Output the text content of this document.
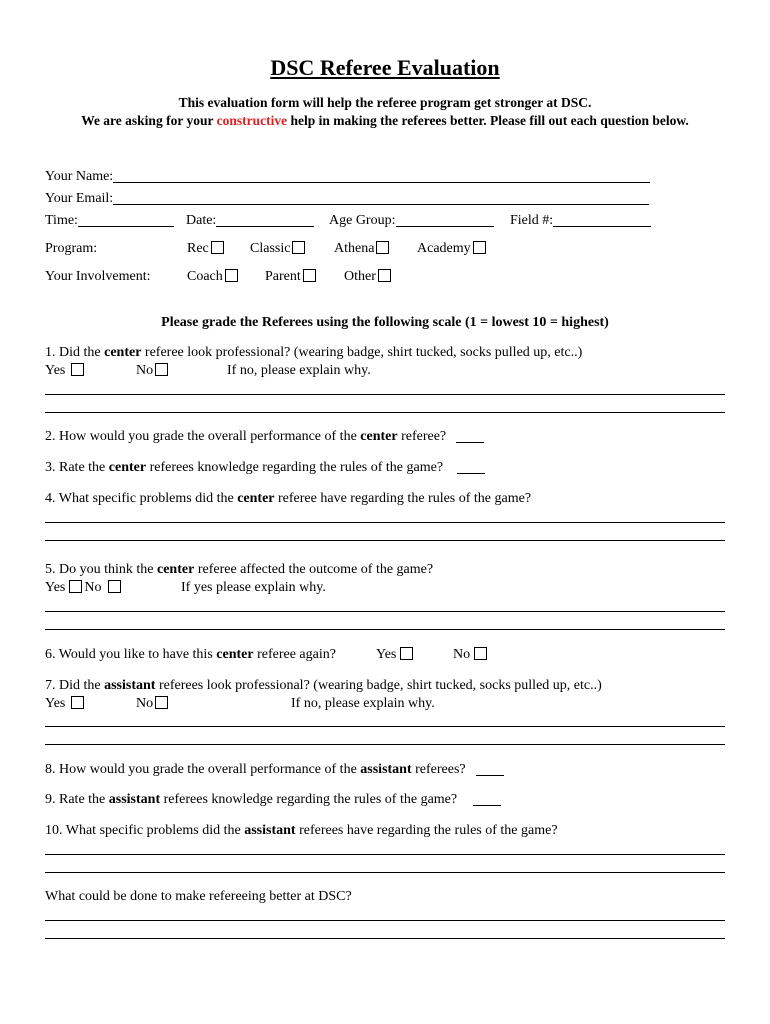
DSC Referee Evaluation
This evaluation form will help the referee program get stronger at DSC.
We are asking for your constructive help in making the referees better. Please fill out each question below.
Your Name:
Your Email:
Time:	Date:	Age Group:	Field #:
Program:	Rec	Classic	Athena	Academy
Your Involvement:	Coach	Parent	Other
Please grade the Referees using the following scale (1 = lowest 10 = highest)
1. Did the center referee look professional? (wearing badge, shirt tucked, socks pulled up, etc..)
Yes	No	If no, please explain why.
2. How would you grade the overall performance of the center referee?
3. Rate the center referees knowledge regarding the rules of the game?
4. What specific problems did the center referee have regarding the rules of the game?
5. Do you think the center referee affected the outcome of the game?
Yes No	If yes please explain why.
6. Would you like to have this center referee again?	Yes	No
7. Did the assistant referees look professional? (wearing badge, shirt tucked, socks pulled up, etc..)
Yes	No	If no, please explain why.
8. How would you grade the overall performance of the assistant referees?
9. Rate the assistant referees knowledge regarding the rules of the game?
10. What specific problems did the assistant referees have regarding the rules of the game?
What could be done to make refereeing better at DSC?
